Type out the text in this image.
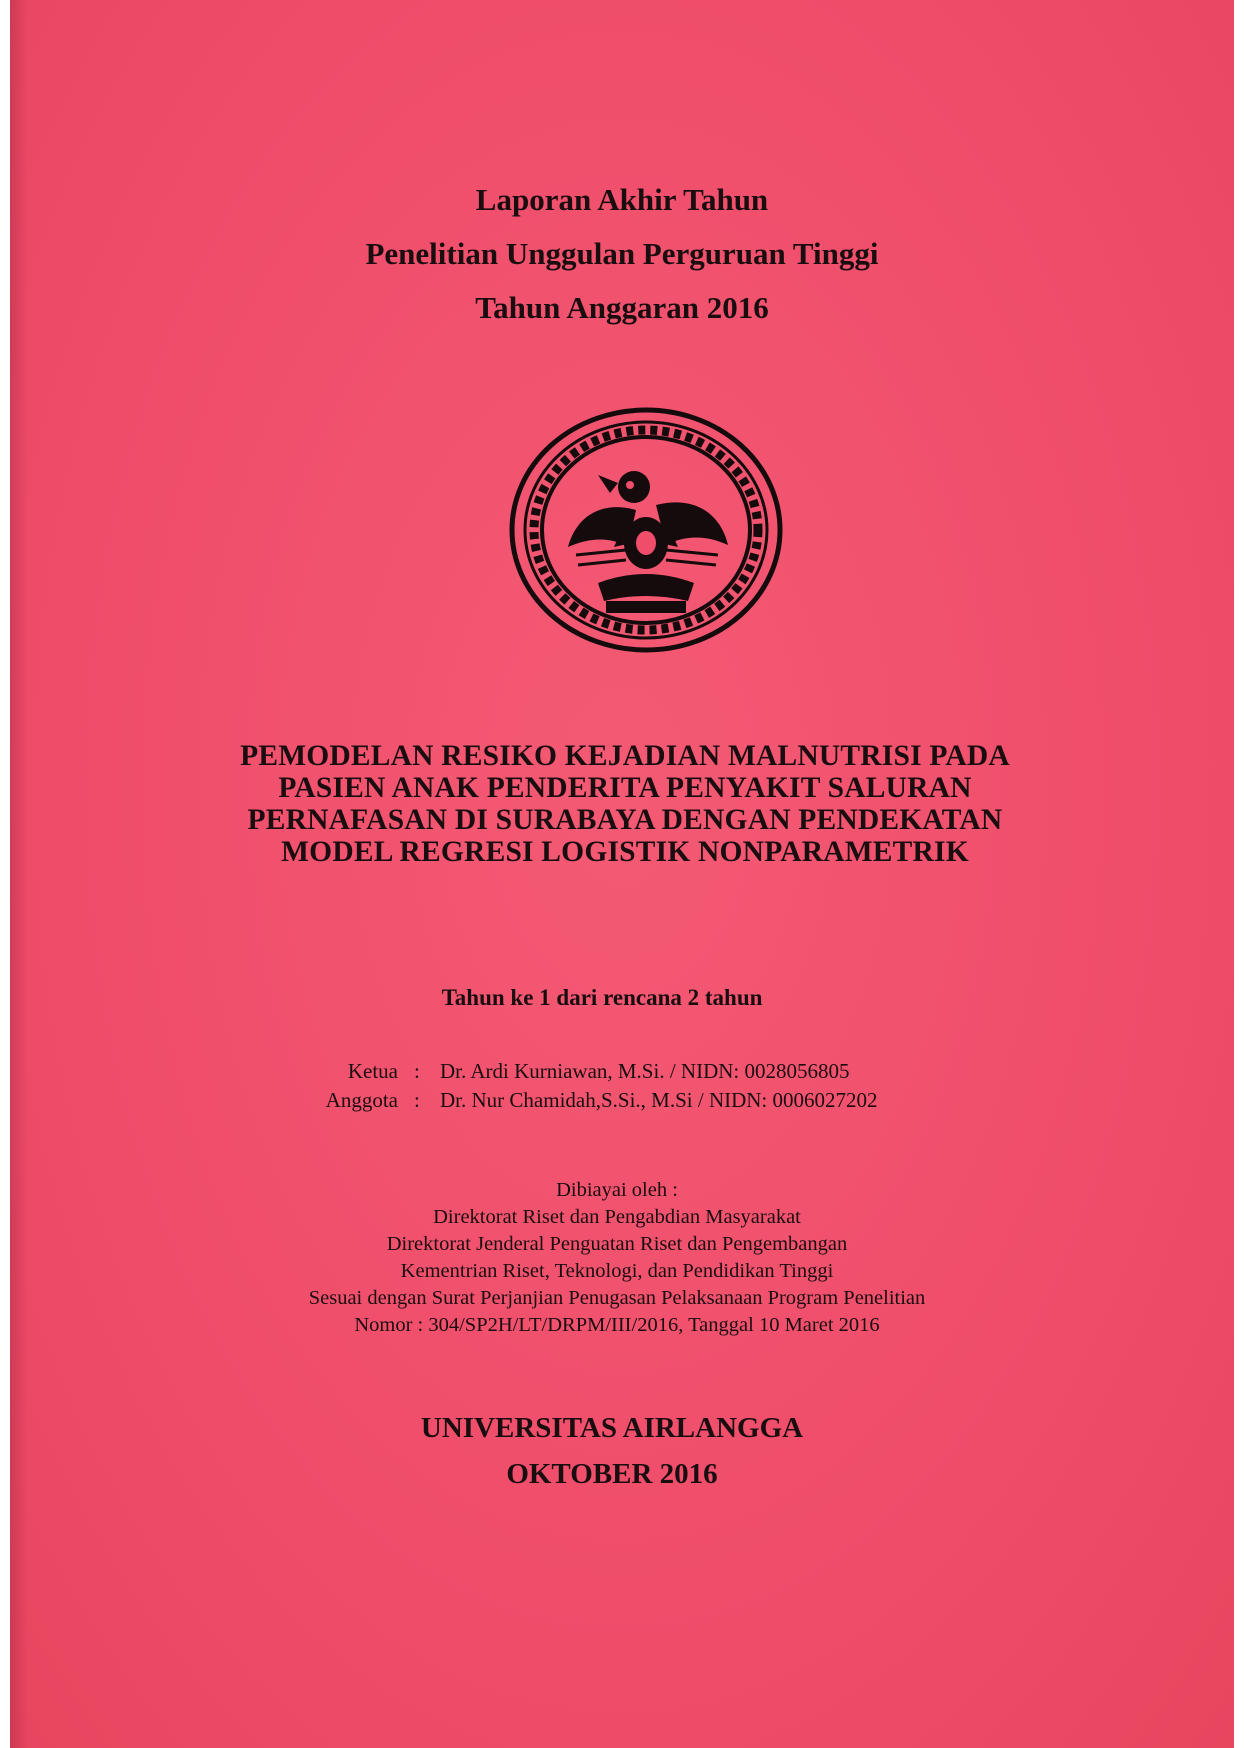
Laporan Akhir Tahun
Penelitian Unggulan Perguruan Tinggi
Tahun Anggaran 2016
PEMODELAN RESIKO KEJADIAN MALNUTRISI PADA
PASIEN ANAK PENDERITA PENYAKIT SALURAN
PERNAFASAN DI SURABAYA DENGAN PENDEKATAN
MODEL REGRESI LOGISTIK NONPARAMETRIK
Tahun ke 1 dari rencana 2 tahun
Ketua : Dr. Ardi Kurniawan, M.Si. / NIDN: 0028056805
Anggota : Dr. Nur Chamidah,S.Si., M.Si / NIDN: 0006027202
Dibiayai oleh :
Direktorat Riset dan Pengabdian Masyarakat
Direktorat Jenderal Penguatan Riset dan Pengembangan
Kementrian Riset, Teknologi, dan Pendidikan Tinggi
Sesuai dengan Surat Perjanjian Penugasan Pelaksanaan Program Penelitian
Nomor : 304/SP2H/LT/DRPM/III/2016, Tanggal 10 Maret 2016
UNIVERSITAS AIRLANGGA
OKTOBER 2016
